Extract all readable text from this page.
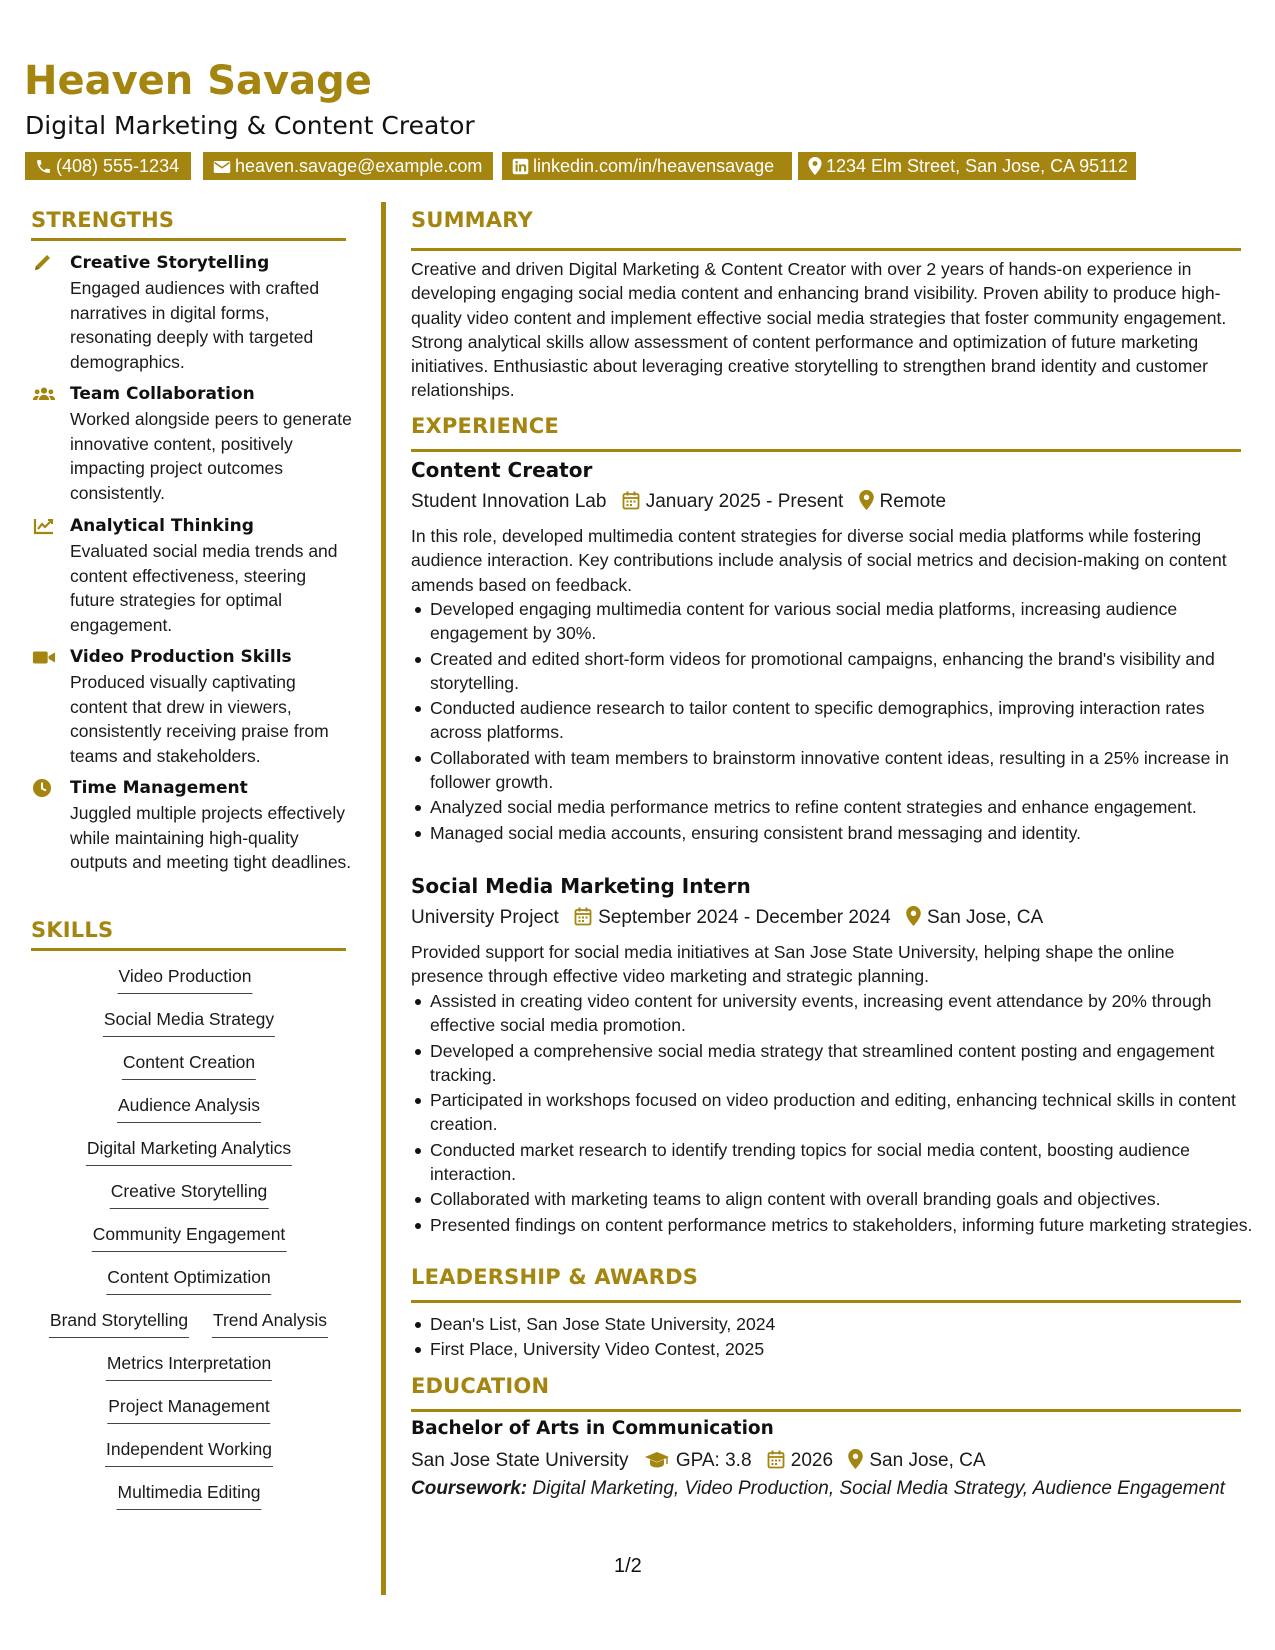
Heaven Savage
Digital Marketing & Content Creator
(408) 555-1234	heaven.savage@example.com	linkedin.com/in/heavensavage	1234 Elm Street, San Jose, CA 95112
STRENGTHS
Creative Storytelling
Engaged audiences with crafted narratives in digital forms, resonating deeply with targeted demographics.
Team Collaboration
Worked alongside peers to generate innovative content, positively impacting project outcomes consistently.
Analytical Thinking
Evaluated social media trends and content effectiveness, steering future strategies for optimal engagement.
Video Production Skills
Produced visually captivating content that drew in viewers, consistently receiving praise from teams and stakeholders.
Time Management
Juggled multiple projects effectively while maintaining high-quality outputs and meeting tight deadlines.
SKILLS
Video Production
Social Media Strategy
Content Creation
Audience Analysis
Digital Marketing Analytics
Creative Storytelling
Community Engagement
Content Optimization
Brand Storytelling Trend Analysis
Metrics Interpretation
Project Management
Independent Working
Multimedia Editing
SUMMARY
Creative and driven Digital Marketing & Content Creator with over 2 years of hands-on experience in developing engaging social media content and enhancing brand visibility. Proven ability to produce high-quality video content and implement effective social media strategies that foster community engagement. Strong analytical skills allow assessment of content performance and optimization of future marketing initiatives. Enthusiastic about leveraging creative storytelling to strengthen brand identity and customer relationships.
EXPERIENCE
Content Creator
Student Innovation Lab January 2025 - Present Remote
In this role, developed multimedia content strategies for diverse social media platforms while fostering audience interaction. Key contributions include analysis of social metrics and decision-making on content amends based on feedback.
Developed engaging multimedia content for various social media platforms, increasing audience engagement by 30%.
Created and edited short-form videos for promotional campaigns, enhancing the brand's visibility and storytelling.
Conducted audience research to tailor content to specific demographics, improving interaction rates across platforms.
Collaborated with team members to brainstorm innovative content ideas, resulting in a 25% increase in follower growth.
Analyzed social media performance metrics to refine content strategies and enhance engagement.
Managed social media accounts, ensuring consistent brand messaging and identity.
Social Media Marketing Intern
University Project September 2024 - December 2024 San Jose, CA
Provided support for social media initiatives at San Jose State University, helping shape the online presence through effective video marketing and strategic planning.
Assisted in creating video content for university events, increasing event attendance by 20% through effective social media promotion.
Developed a comprehensive social media strategy that streamlined content posting and engagement tracking.
Participated in workshops focused on video production and editing, enhancing technical skills in content creation.
Conducted market research to identify trending topics for social media content, boosting audience interaction.
Collaborated with marketing teams to align content with overall branding goals and objectives.
Presented findings on content performance metrics to stakeholders, informing future marketing strategies.
LEADERSHIP & AWARDS
Dean's List, San Jose State University, 2024
First Place, University Video Contest, 2025
EDUCATION
Bachelor of Arts in Communication
San Jose State University GPA: 3.8 2026 San Jose, CA
Coursework: Digital Marketing, Video Production, Social Media Strategy, Audience Engagement
1/2
